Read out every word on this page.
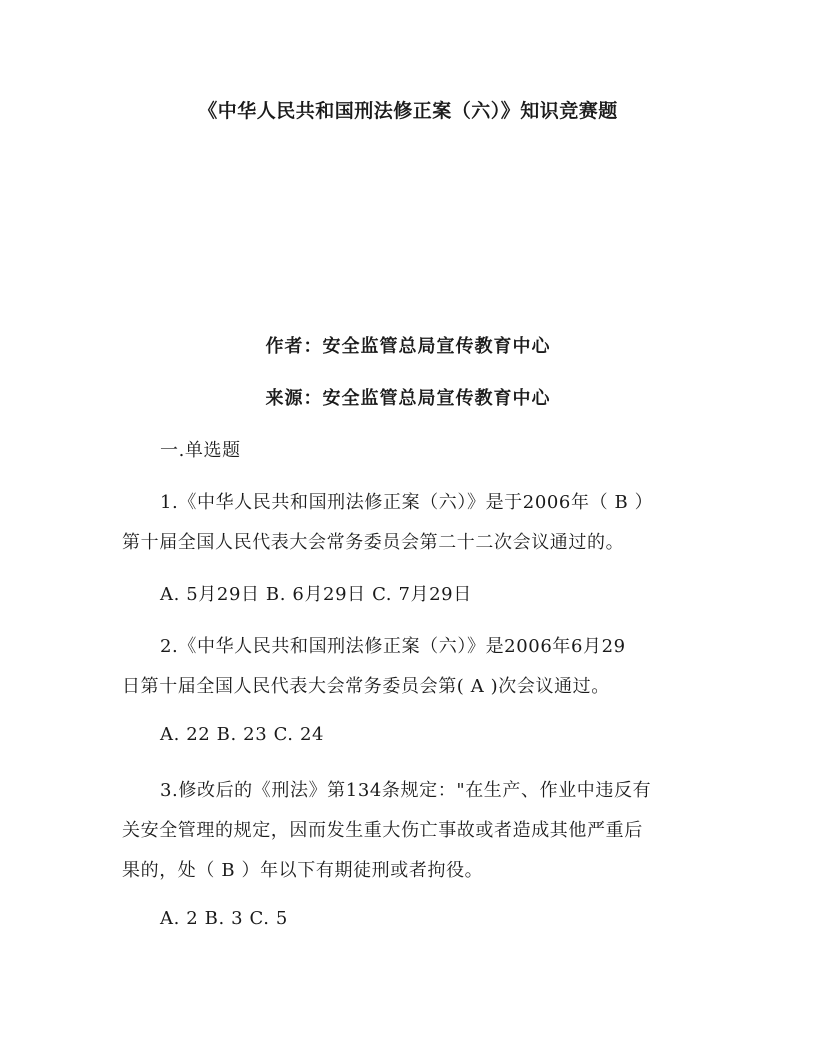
《中华人民共和国刑法修正案（六）》知识竞赛题
作者：安全监管总局宣传教育中心
来源：安全监管总局宣传教育中心
一.单选题
1.《中华人民共和国刑法修正案（六）》是于2006年（ B ）
第十届全国人民代表大会常务委员会第二十二次会议通过的。
A. 5月29日 B. 6月29日 C. 7月29日
2.《中华人民共和国刑法修正案（六）》是2006年6月29
日第十届全国人民代表大会常务委员会第( A )次会议通过。
A. 22 B. 23 C. 24
3.修改后的《刑法》第134条规定："在生产、作业中违反有
关安全管理的规定，因而发生重大伤亡事故或者造成其他严重后
果的，处（ B ）年以下有期徒刑或者拘役。
A. 2 B. 3 C. 5
